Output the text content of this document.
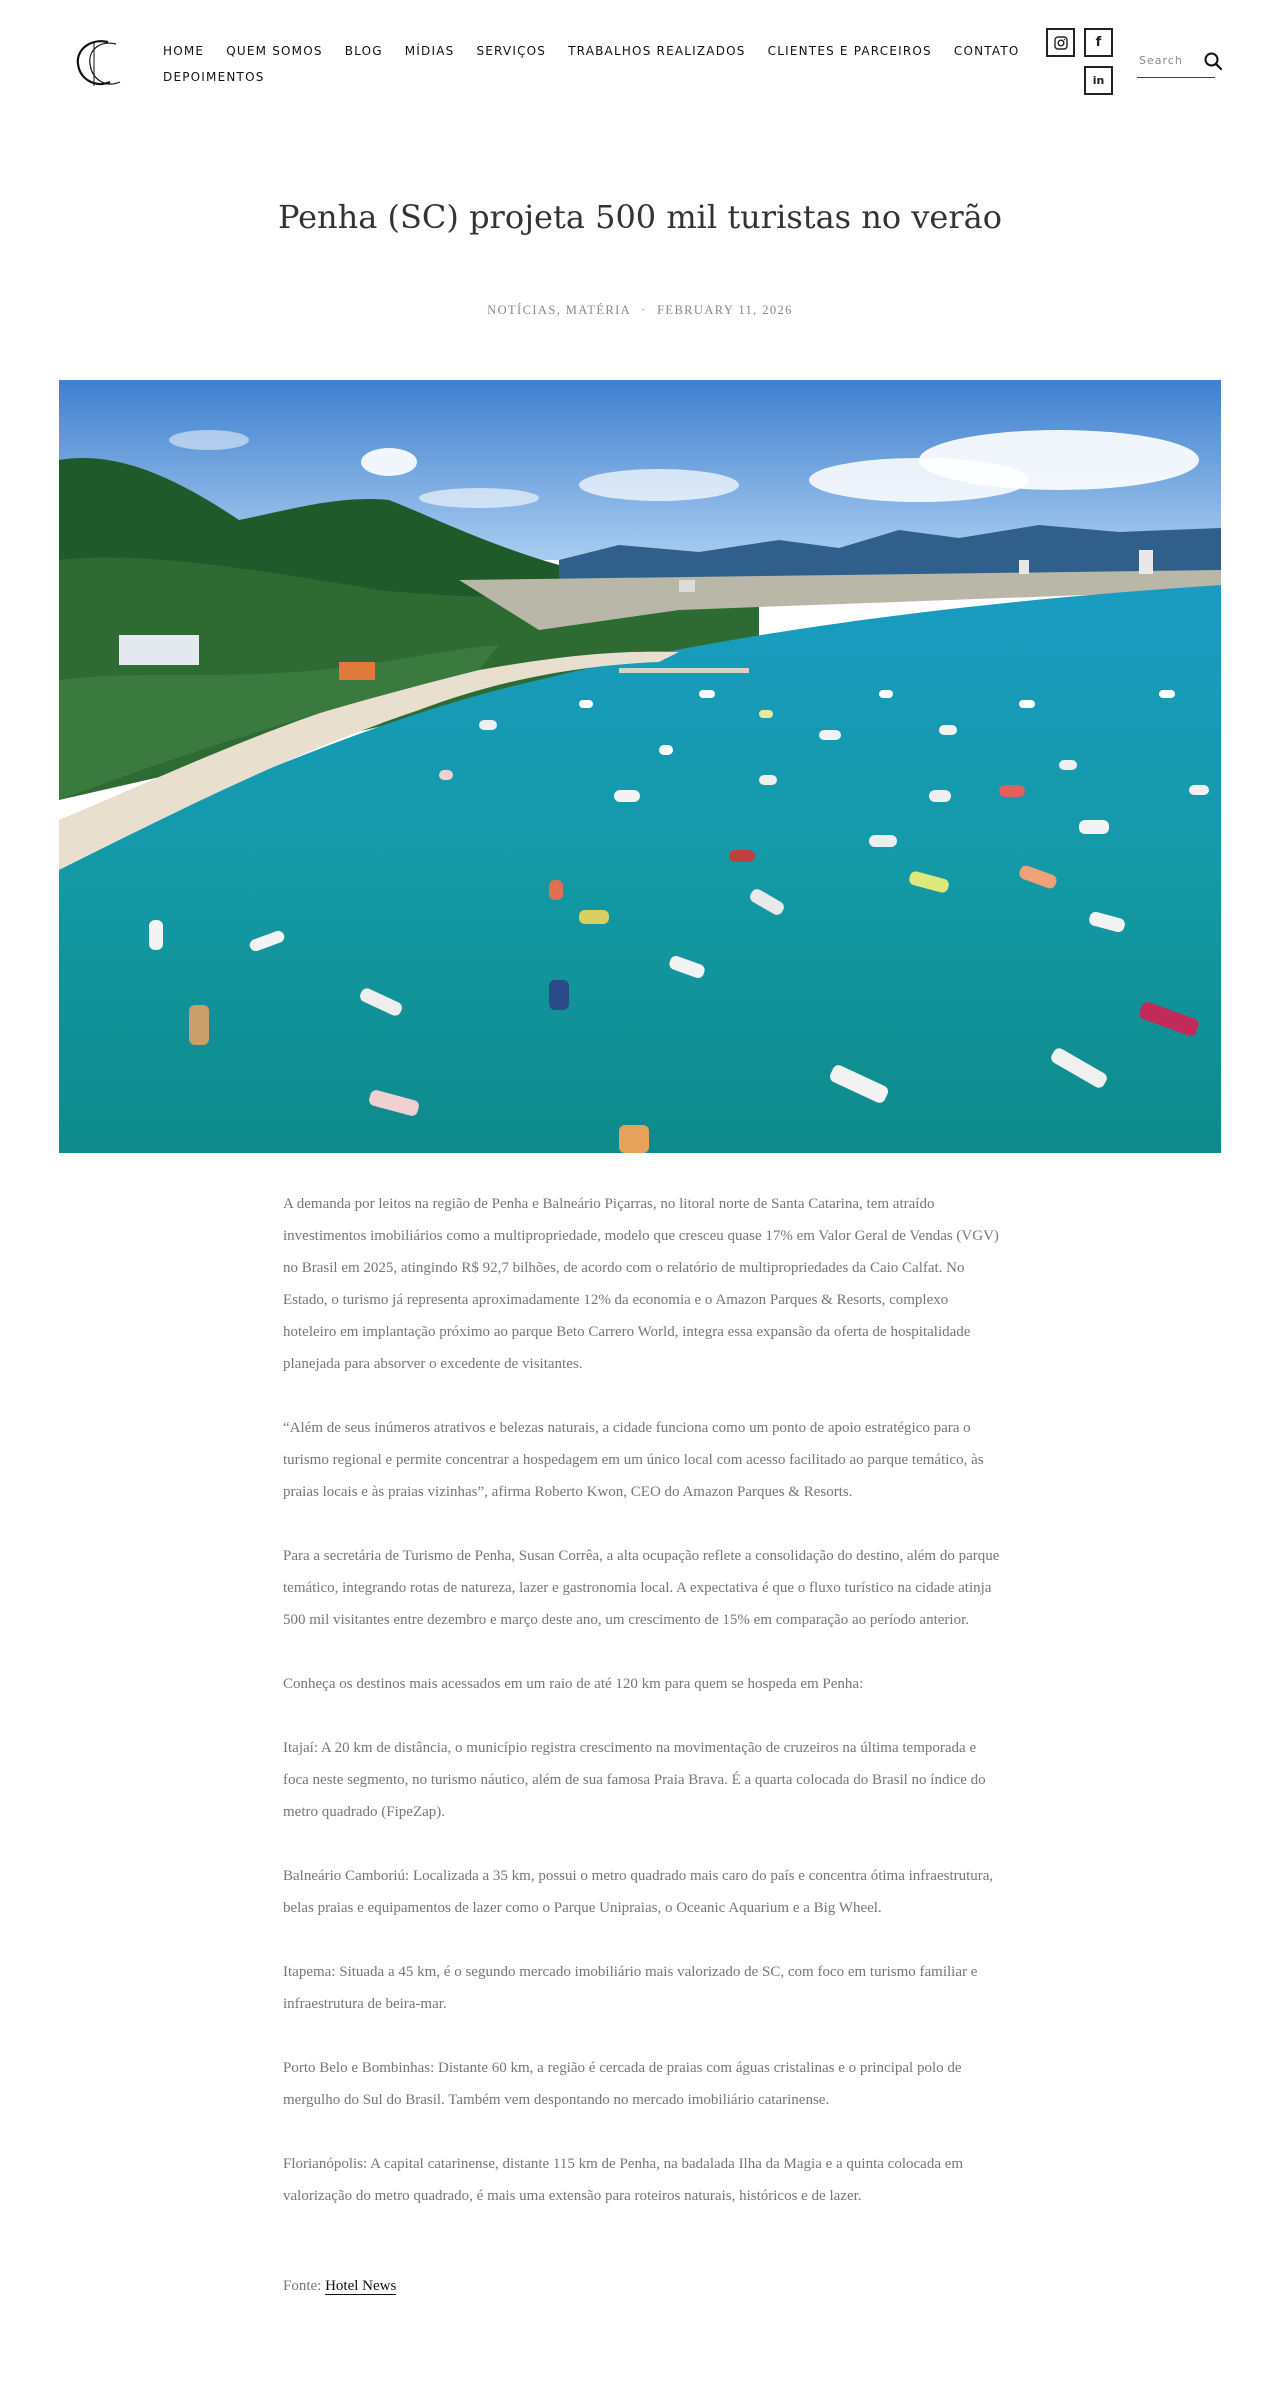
HOME QUEM SOMOS BLOG MÍDIAS SERVIÇOS TRABALHOS REALIZADOS CLIENTES E PARCEIROS CONTATO
DEPOIMENTOS
f
in
Search
Penha (SC) projeta 500 mil turistas no verão
NOTÍCIAS, MATÉRIA · FEBRUARY 11, 2026

A demanda por leitos na região de Penha e Balneário Piçarras, no litoral norte de Santa Catarina, tem atraído investimentos imobiliários como a multipropriedade, modelo que cresceu quase 17% em Valor Geral de Vendas (VGV) no Brasil em 2025, atingindo R$ 92,7 bilhões, de acordo com o relatório de multipropriedades da Caio Calfat. No Estado, o turismo já representa aproximadamente 12% da economia e o Amazon Parques & Resorts, complexo hoteleiro em implantação próximo ao parque Beto Carrero World, integra essa expansão da oferta de hospitalidade planejada para absorver o excedente de visitantes.

“Além de seus inúmeros atrativos e belezas naturais, a cidade funciona como um ponto de apoio estratégico para o turismo regional e permite concentrar a hospedagem em um único local com acesso facilitado ao parque temático, às praias locais e às praias vizinhas”, afirma Roberto Kwon, CEO do Amazon Parques & Resorts.

Para a secretária de Turismo de Penha, Susan Corrêa, a alta ocupação reflete a consolidação do destino, além do parque temático, integrando rotas de natureza, lazer e gastronomia local. A expectativa é que o fluxo turístico na cidade atinja 500 mil visitantes entre dezembro e março deste ano, um crescimento de 15% em comparação ao período anterior.

Conheça os destinos mais acessados em um raio de até 120 km para quem se hospeda em Penha:

Itajaí: A 20 km de distância, o município registra crescimento na movimentação de cruzeiros na última temporada e foca neste segmento, no turismo náutico, além de sua famosa Praia Brava. É a quarta colocada do Brasil no índice do metro quadrado (FipeZap).

Balneário Camboriú: Localizada a 35 km, possui o metro quadrado mais caro do país e concentra ótima infraestrutura, belas praias e equipamentos de lazer como o Parque Unipraias, o Oceanic Aquarium e a Big Wheel.

Itapema: Situada a 45 km, é o segundo mercado imobiliário mais valorizado de SC, com foco em turismo familiar e infraestrutura de beira-mar.

Porto Belo e Bombinhas: Distante 60 km, a região é cercada de praias com águas cristalinas e o principal polo de mergulho do Sul do Brasil. Também vem despontando no mercado imobiliário catarinense.

Florianópolis: A capital catarinense, distante 115 km de Penha, na badalada Ilha da Magia e a quinta colocada em valorização do metro quadrado, é mais uma extensão para roteiros naturais, históricos e de lazer.

Fonte: Hotel News
